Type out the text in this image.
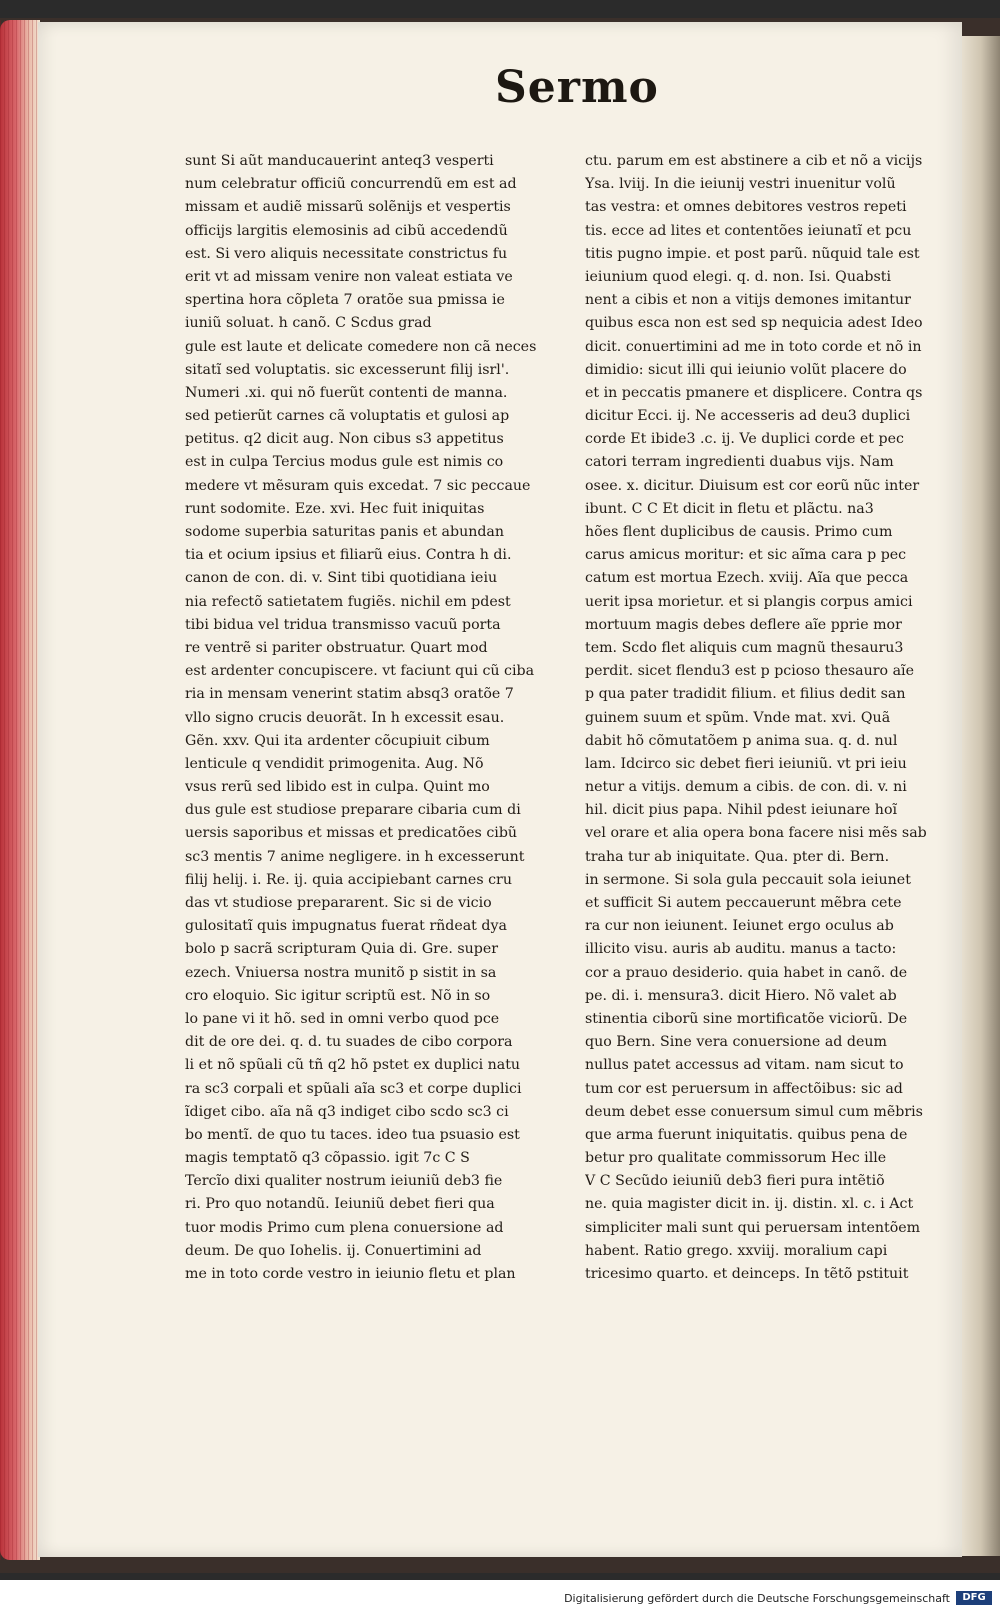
Sermo
sunt Si aũt manducauerint anteq3 vesperti
num celebratur officiũ concurrendũ em est ad
missam et audiẽ missarũ solẽnijs et vespertis
officijs largitis elemosinis ad cibũ accedendũ
est. Si vero aliquis necessitate constrictus fu
erit vt ad missam venire non valeat estiata ve
spertina hora cõpleta 7 oratõe sua pmissa ie
iuniũ soluat. h canõ. C Scdus grad
gule est laute et delicate comedere non cã neces
sitatĩ sed voluptatis. sic excesserunt filij isrl'.
Numeri .xi. qui nõ fuerũt contenti de manna.
sed petierũt carnes cã voluptatis et gulosi ap
petitus. q2 dicit aug. Non cibus s3 appetitus
est in culpa Tercius modus gule est nimis co
medere vt mẽsuram quis excedat. 7 sic peccaue
runt sodomite. Eze. xvi. Hec fuit iniquitas
sodome superbia saturitas panis et abundan
tia et ocium ipsius et filiarũ eius. Contra h di.
canon de con. di. v. Sint tibi quotidiana ieiu
nia refectõ satietatem fugiẽs. nichil em pdest
tibi bidua vel tridua transmisso vacuũ porta
re ventrẽ si pariter obstruatur. Quart mod
est ardenter concupiscere. vt faciunt qui cũ ciba
ria in mensam venerint statim absq3 oratõe 7
vllo signo crucis deuorãt. In h excessit esau.
Gẽn. xxv. Qui ita ardenter cõcupiuit cibum
lenticule q vendidit primogenita. Aug. Nõ
vsus rerũ sed libido est in culpa. Quint mo
dus gule est studiose preparare cibaria cum di
uersis saporibus et missas et predicatões cibũ
sc3 mentis 7 anime negligere. in h excesserunt
filij helij. i. Re. ij. quia accipiebant carnes cru
das vt studiose prepararent. Sic si de vicio
gulositatĩ quis impugnatus fuerat rñdeat dya
bolo p sacrã scripturam Quia di. Gre. super
ezech. Vniuersa nostra munitõ p sistit in sa
cro eloquio. Sic igitur scriptũ est. Nõ in so
lo pane vi it hõ. sed in omni verbo quod pce
dit de ore dei. q. d. tu suades de cibo corpora
li et nõ spũali cũ tñ q2 hõ pstet ex duplici natu
ra sc3 corpali et spũali aĩa sc3 et corpe duplici
ĩdiget cibo. aĩa nã q3 indiget cibo scdo sc3 ci
bo mentĩ. de quo tu taces. ideo tua psuasio est
magis temptatõ q3 cõpassio. igit 7c C S
Tercĩo dixi qualiter nostrum ieiuniũ deb3 fie
ri. Pro quo notandũ. Ieiuniũ debet fieri qua
tuor modis Primo cum plena conuersione ad
deum. De quo Iohelis. ij. Conuertimini ad
me in toto corde vestro in ieiunio fletu et plan
ctu. parum em est abstinere a cib et nõ a vicijs
Ysa. lviij. In die ieiunij vestri inuenitur volũ
tas vestra: et omnes debitores vestros repeti
tis. ecce ad lites et contentões ieiunatĩ et pcu
titis pugno impie. et post parũ. nũquid tale est
ieiunium quod elegi. q. d. non. Isi. Quabsti
nent a cibis et non a vitijs demones imitantur
quibus esca non est sed sp nequicia adest Ideo
dicit. conuertimini ad me in toto corde et nõ in
dimidio: sicut illi qui ieiunio volũt placere do
et in peccatis pmanere et displicere. Contra qs
dicitur Ecci. ij. Ne accesseris ad deu3 duplici
corde Et ibide3 .c. ij. Ve duplici corde et pec
catori terram ingredienti duabus vijs. Nam
osee. x. dicitur. Diuisum est cor eorũ nũc inter
ibunt. C C Et dicit in fletu et plãctu. na3
hões flent duplicibus de causis. Primo cum
carus amicus moritur: et sic aĩma cara p pec
catum est mortua Ezech. xviij. Aĩa que pecca
uerit ipsa morietur. et si plangis corpus amici
mortuum magis debes deflere aĩe pprie mor
tem. Scdo flet aliquis cum magnũ thesauru3
perdit. sicet flendu3 est p pcioso thesauro aĩe
p qua pater tradidit filium. et filius dedit san
guinem suum et spũm. Vnde mat. xvi. Quã
dabit hõ cõmutatõem p anima sua. q. d. nul
lam. Idcirco sic debet fieri ieiuniũ. vt pri ieiu
netur a vitijs. demum a cibis. de con. di. v. ni
hil. dicit pius papa. Nihil pdest ieiunare hoĩ
vel orare et alia opera bona facere nisi mẽs sab
traha tur ab iniquitate. Qua. pter di. Bern.
in sermone. Si sola gula peccauit sola ieiunet
et sufficit Si autem peccauerunt mẽbra cete
ra cur non ieiunent. Ieiunet ergo oculus ab
illicito visu. auris ab auditu. manus a tacto:
cor a prauo desiderio. quia habet in canõ. de
pe. di. i. mensura3. dicit Hiero. Nõ valet ab
stinentia ciborũ sine mortificatõe viciorũ. De
quo Bern. Sine vera conuersione ad deum
nullus patet accessus ad vitam. nam sicut to
tum cor est peruersum in affectõibus: sic ad
deum debet esse conuersum simul cum mẽbris
que arma fuerunt iniquitatis. quibus pena de
betur pro qualitate commissorum Hec ille
V C Secũdo ieiuniũ deb3 fieri pura intẽtiõ
ne. quia magister dicit in. ij. distin. xl. c. i Act
simpliciter mali sunt qui peruersam intentõem
habent. Ratio grego. xxviij. moralium capi
tricesimo quarto. et deinceps. In tẽtõ pstituit
Digitalisierung gefördert durch die Deutsche Forschungsgemeinschaft	DFG
